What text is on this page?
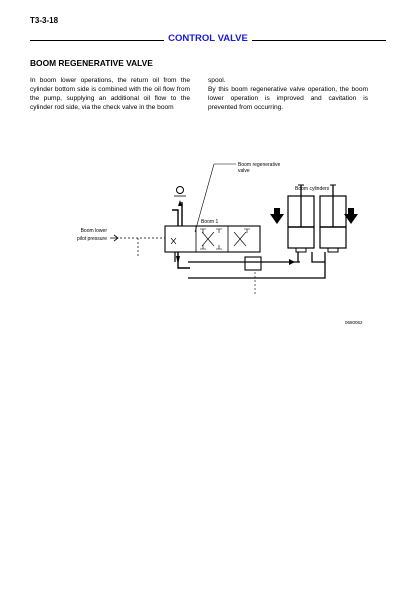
T3-3-18
CONTROL VALVE
BOOM REGENERATIVE VALVE

In boom lower operations, the return oil from the cylinder bottom side is combined with the oil flow from the pump, supplying an additional oil flow to the cylinder rod side, via the check valve in the boom

spool.

By this boom regenerative valve operation, the boom lower operation is improved and cavitation is prevented from occurring.

Boom regenerative
valve
Boom cylinders
Boom 1
Boom lower
pilot pressure
0680062
